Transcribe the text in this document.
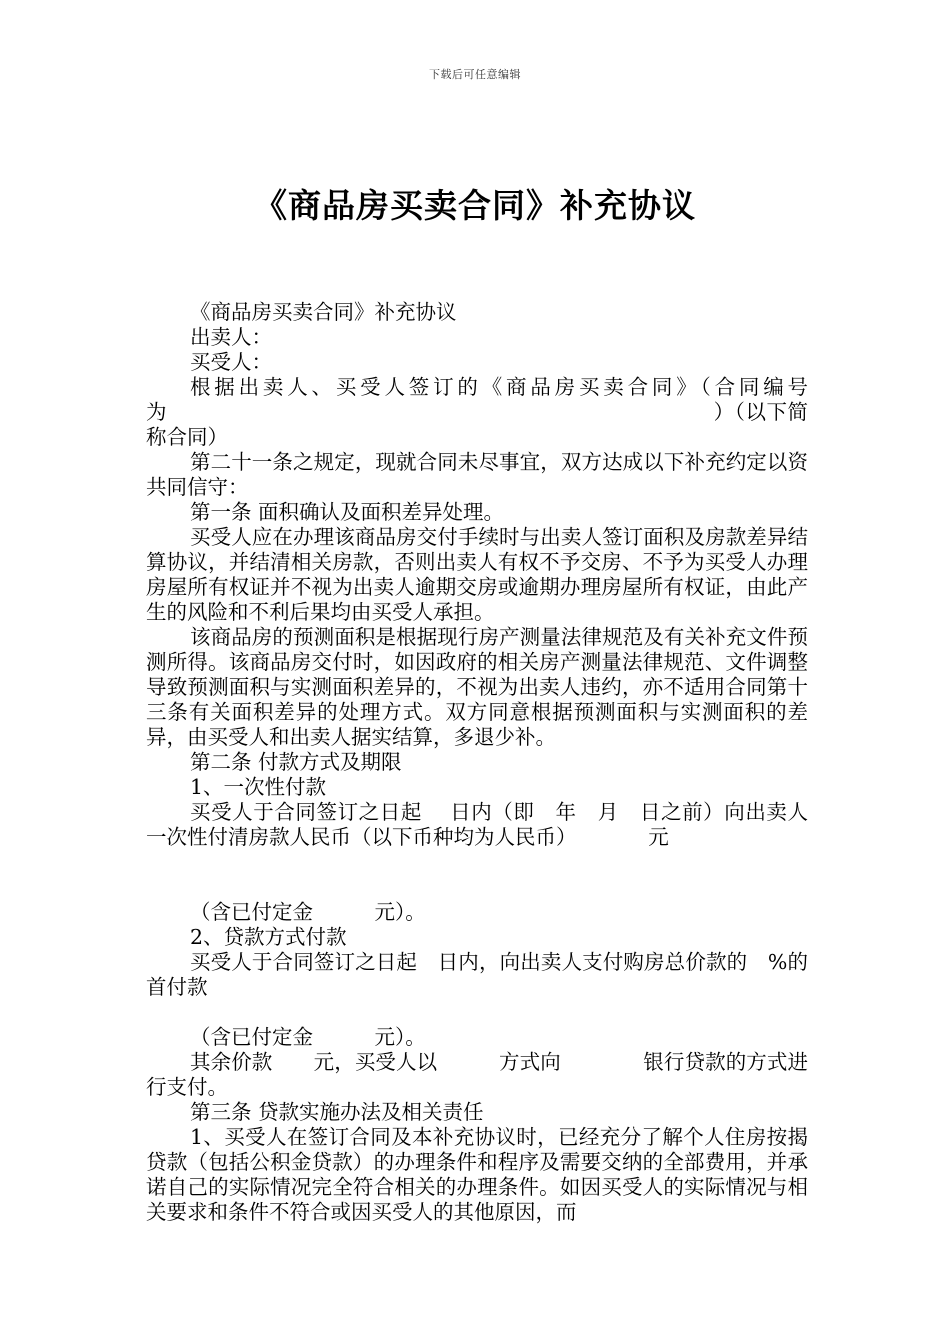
下载后可任意编辑
《商品房买卖合同》补充协议

《商品房买卖合同》补充协议

出卖人：

买受人：

根据出卖人、买受人签订的《商品房买卖合同》（合同编号为　　　　　　　　　　　　　　　　　　　　　　　　　　）（以下简称合同）

第二十一条之规定，现就合同未尽事宜，双方达成以下补充约定以资共同信守：

第一条 面积确认及面积差异处理。

买受人应在办理该商品房交付手续时与出卖人签订面积及房款差异结算协议，并结清相关房款，否则出卖人有权不予交房、不予为买受人办理房屋所有权证并不视为出卖人逾期交房或逾期办理房屋所有权证，由此产生的风险和不利后果均由买受人承担。

该商品房的预测面积是根据现行房产测量法律规范及有关补充文件预测所得。该商品房交付时，如因政府的相关房产测量法律规范、文件调整导致预测面积与实测面积差异的，不视为出卖人违约，亦不适用合同第十三条有关面积差异的处理方式。双方同意根据预测面积与实测面积的差异，由买受人和出卖人据实结算，多退少补。

第二条 付款方式及期限

1、一次性付款

买受人于合同签订之日起　 日内（即　年　月　日之前）向出卖人一次性付清房款人民币（以下币种均为人民币）　　　　元

（含已付定金　　　元）。

2、贷款方式付款

买受人于合同签订之日起　日内，向出卖人支付购房总价款的　%的首付款

（含已付定金　　　元）。

其余价款　　元，买受人以　　　方式向　　　　银行贷款的方式进行支付。

第三条 贷款实施办法及相关责任

1、买受人在签订合同及本补充协议时，已经充分了解个人住房按揭贷款（包括公积金贷款）的办理条件和程序及需要交纳的全部费用，并承诺自己的实际情况完全符合相关的办理条件。如因买受人的实际情况与相关要求和条件不符合或因买受人的其他原因，而
